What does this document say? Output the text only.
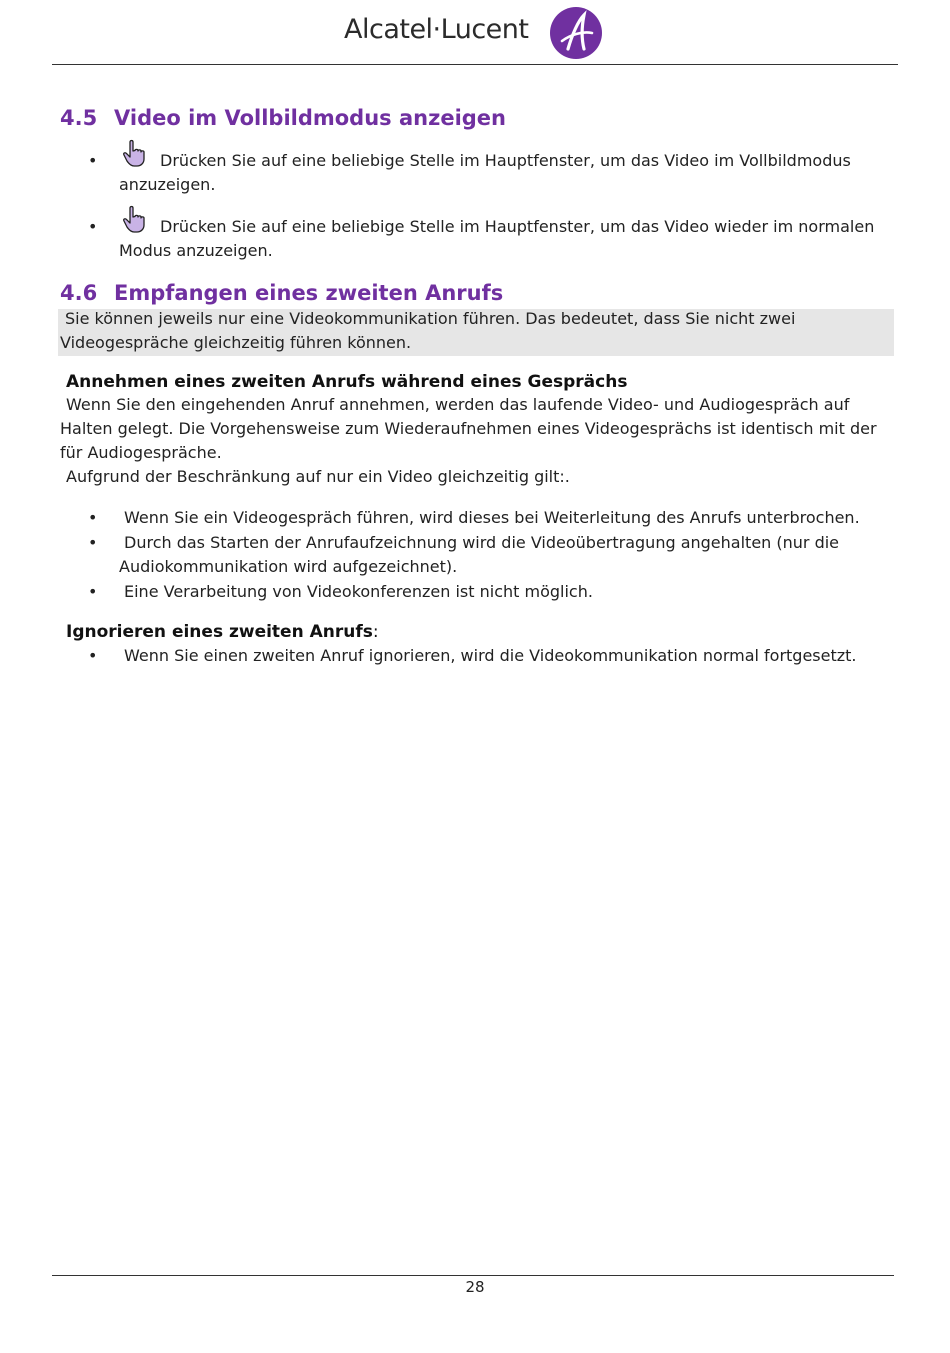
Alcatel·Lucent
4.5 Video im Vollbildmodus anzeigen
•	Drücken Sie auf eine beliebige Stelle im Hauptfenster, um das Video im Vollbildmodus
anzuzeigen.
•	Drücken Sie auf eine beliebige Stelle im Hauptfenster, um das Video wieder im normalen
Modus anzuzeigen.
4.6 Empfangen eines zweiten Anrufs
Sie können jeweils nur eine Videokommunikation führen. Das bedeutet, dass Sie nicht zwei
Videogespräche gleichzeitig führen können.
Annehmen eines zweiten Anrufs während eines Gesprächs
Wenn Sie den eingehenden Anruf annehmen, werden das laufende Video- und Audiogespräch auf
Halten gelegt. Die Vorgehensweise zum Wiederaufnehmen eines Videogesprächs ist identisch mit der
für Audiogespräche.
Aufgrund der Beschränkung auf nur ein Video gleichzeitig gilt:.
• Wenn Sie ein Videogespräch führen, wird dieses bei Weiterleitung des Anrufs unterbrochen.
• Durch das Starten der Anrufaufzeichnung wird die Videoübertragung angehalten (nur die
Audiokommunikation wird aufgezeichnet).
• Eine Verarbeitung von Videokonferenzen ist nicht möglich.
Ignorieren eines zweiten Anrufs:
• Wenn Sie einen zweiten Anruf ignorieren, wird die Videokommunikation normal fortgesetzt.
28
